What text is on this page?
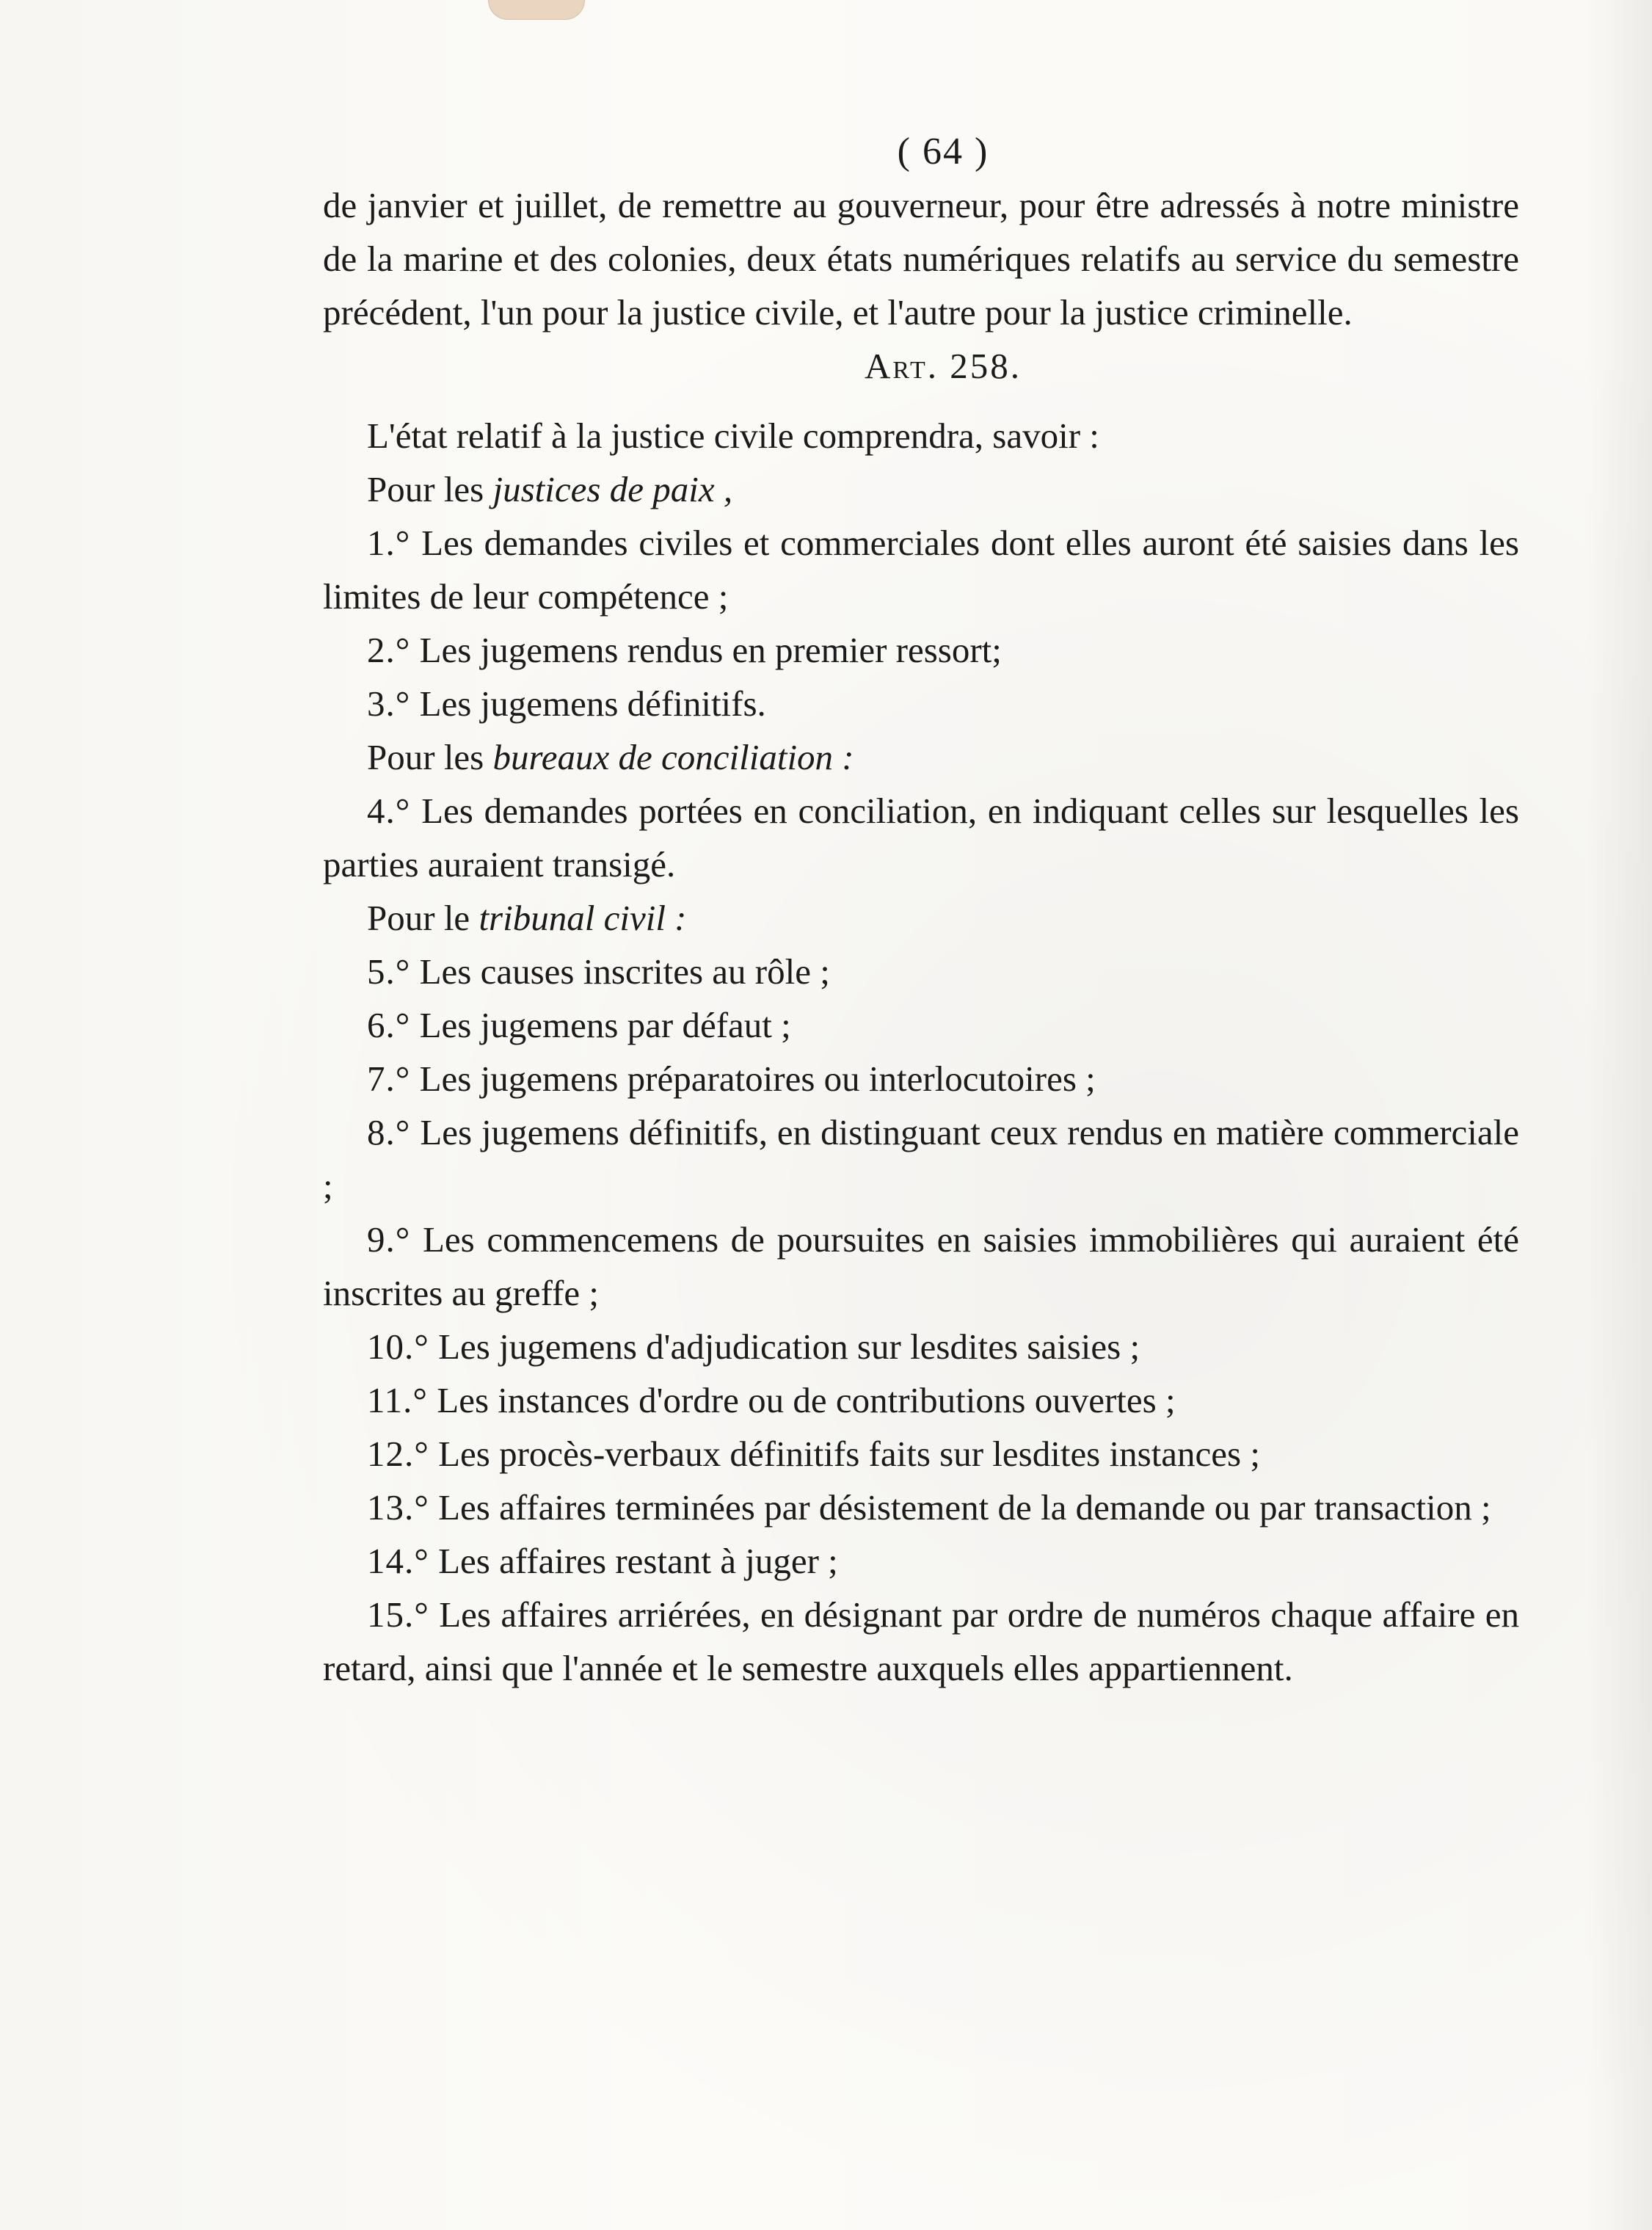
( 64 )

de janvier et juillet, de remettre au gouverneur, pour être adressés à notre ministre de la marine et des colonies, deux états numériques relatifs au service du semestre précédent, l'un pour la justice civile, et l'autre pour la justice criminelle.

Art. 258.

L'état relatif à la justice civile comprendra, savoir :

Pour les justices de paix ,

1.° Les demandes civiles et commerciales dont elles auront été saisies dans les limites de leur compétence ;

2.° Les jugemens rendus en premier ressort;

3.° Les jugemens définitifs.

Pour les bureaux de conciliation :

4.° Les demandes portées en conciliation, en indiquant celles sur lesquelles les parties auraient transigé.

Pour le tribunal civil :

5.° Les causes inscrites au rôle ;

6.° Les jugemens par défaut ;

7.° Les jugemens préparatoires ou interlocutoires ;

8.° Les jugemens définitifs, en distinguant ceux rendus en matière commerciale ;

9.° Les commencemens de poursuites en saisies immobilières qui auraient été inscrites au greffe ;

10.° Les jugemens d'adjudication sur lesdites saisies ;

11.° Les instances d'ordre ou de contributions ouvertes ;

12.° Les procès-verbaux définitifs faits sur lesdites instances ;

13.° Les affaires terminées par désistement de la demande ou par transaction ;

14.° Les affaires restant à juger ;

15.° Les affaires arriérées, en désignant par ordre de numéros chaque affaire en retard, ainsi que l'année et le semestre auxquels elles appartiennent.
